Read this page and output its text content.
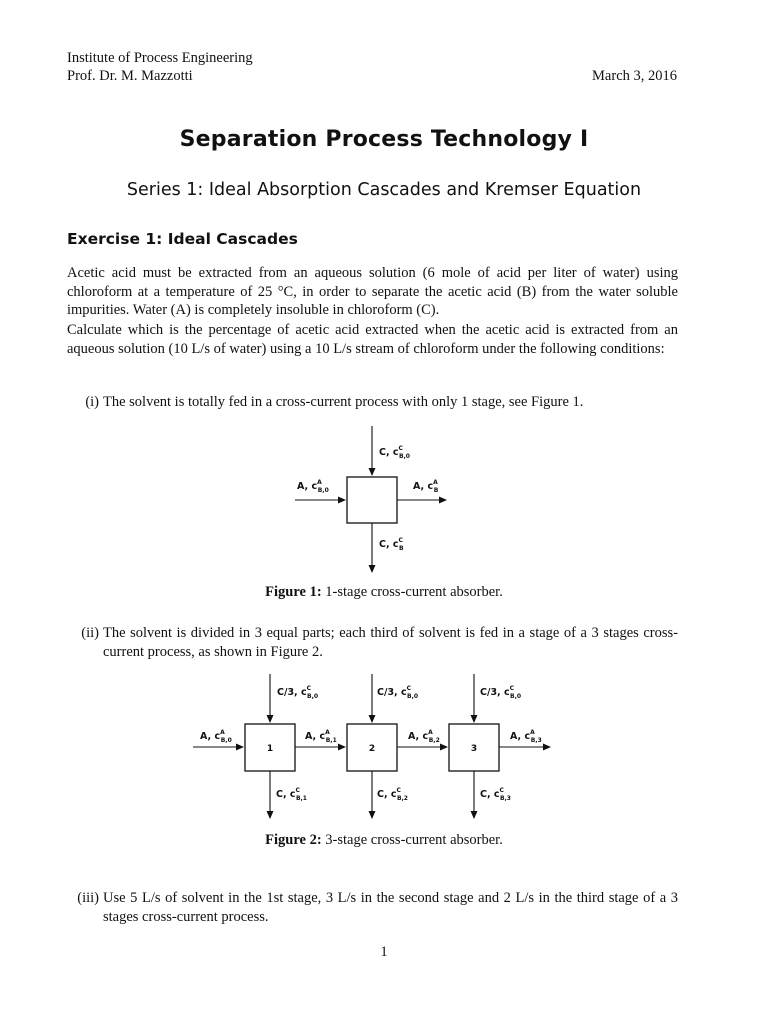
Institute of Process Engineering
Prof. Dr. M. Mazzotti	March 3, 2016
Separation Process Technology I
Series 1: Ideal Absorption Cascades and Kremser Equation
Exercise 1: Ideal Cascades

Acetic acid must be extracted from an aqueous solution (6 mole of acid per liter of water) using chloroform at a temperature of 25 °C, in order to separate the acetic acid (B) from the water soluble impurities. Water (A) is completely insoluble in chloroform (C).

Calculate which is the percentage of acetic acid extracted when the acetic acid is extracted from an aqueous solution (10 L/s of water) using a 10 L/s stream of chloroform under the following conditions:

(i) The solvent is totally fed in a cross-current process with only 1 stage, see Figure 1.
C, $c^C$ B,0
A, $c^A$ B,0	A, $c^A$ B
C, $c^C$ B
1	2	3
C/3, $c^C$ B,0	C/3, $c^C$ B,0	C/3, $c^C$ B,0
A, $c^A$ B,0	A, $c^A$ B,1	A, $c^A$ B,2	A, $c^A$ B,3
C, $c^C$ B,1	C, $c^C$ B,2	C, $c^C$ B,3
Figure 1: 1-stage cross-current absorber.
(ii) The solvent is divided in 3 equal parts; each third of solvent is fed in a stage of a 3 stages cross-current process, as shown in Figure 2.
Figure 2: 3-stage cross-current absorber.
(iii) Use 5 L/s of solvent in the 1st stage, 3 L/s in the second stage and 2 L/s in the third stage of a 3 stages cross-current process.
1
